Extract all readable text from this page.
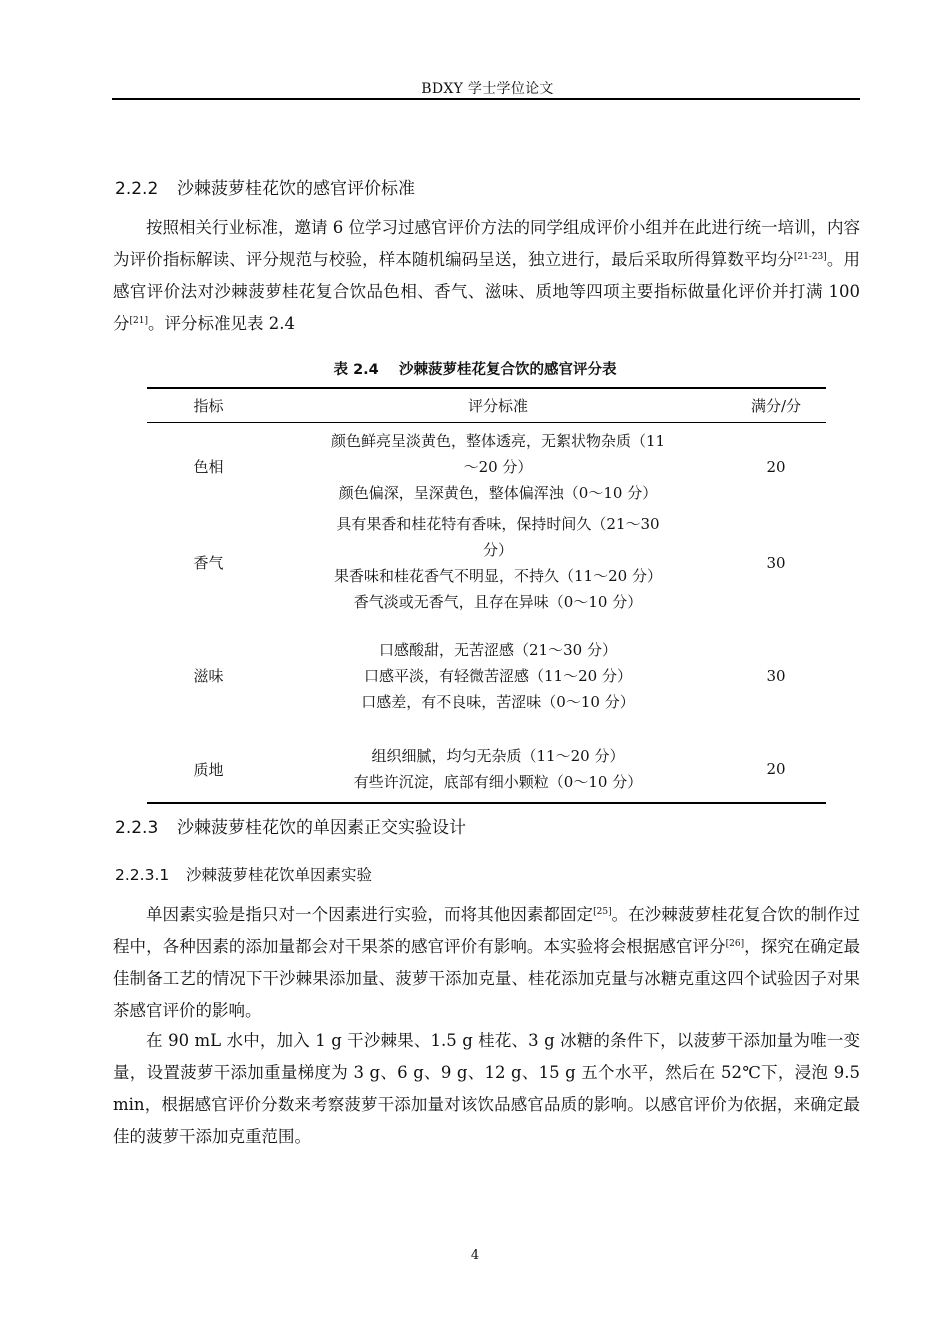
BDXY 学士学位论文
2.2.2 沙棘菠萝桂花饮的感官评价标准

按照相关行业标准，邀请 6 位学习过感官评价方法的同学组成评价小组并在此进行统一培训，内容为评价指标解读、评分规范与校验，样本随机编码呈送，独立进行，最后采取所得算数平均分[21-23]。用感官评价法对沙棘菠萝桂花复合饮品色相、香气、滋味、质地等四项主要指标做量化评价并打满 100 分[21]。评分标准见表 2.4

表 2.4 沙棘菠萝桂花复合饮的感官评分表
指标	评分标准	满分/分
色相	颜色鲜亮呈淡黄色，整体透亮，无絮状物杂质（11～20 分）
颜色偏深，呈深黄色，整体偏浑浊（0～10 分）	20
香气	具有果香和桂花特有香味，保持时间久（21～30 分）
果香味和桂花香气不明显，不持久（11～20 分）
香气淡或无香气，且存在异味（0～10 分）	30
滋味	口感酸甜，无苦涩感（21～30 分）
口感平淡，有轻微苦涩感（11～20 分）
口感差，有不良味，苦涩味（0～10 分）	30
质地	组织细腻，均匀无杂质（11～20 分）
有些许沉淀，底部有细小颗粒（0～10 分）	20
2.2.3 沙棘菠萝桂花饮的单因素正交实验设计
2.2.3.1 沙棘菠萝桂花饮单因素实验

单因素实验是指只对一个因素进行实验，而将其他因素都固定[25]。在沙棘菠萝桂花复合饮的制作过程中，各种因素的添加量都会对干果茶的感官评价有影响。本实验将会根据感官评分[26]，探究在确定最佳制备工艺的情况下干沙棘果添加量、菠萝干添加克量、桂花添加克量与冰糖克重这四个试验因子对果茶感官评价的影响。

在 90 mL 水中，加入 1 g 干沙棘果、1.5 g 桂花、3 g 冰糖的条件下，以菠萝干添加量为唯一变量，设置菠萝干添加重量梯度为 3 g、6 g、9 g、12 g、15 g 五个水平，然后在 52℃下，浸泡 9.5 min，根据感官评价分数来考察菠萝干添加量对该饮品感官品质的影响。以感官评价为依据，来确定最佳的菠萝干添加克重范围。

4
